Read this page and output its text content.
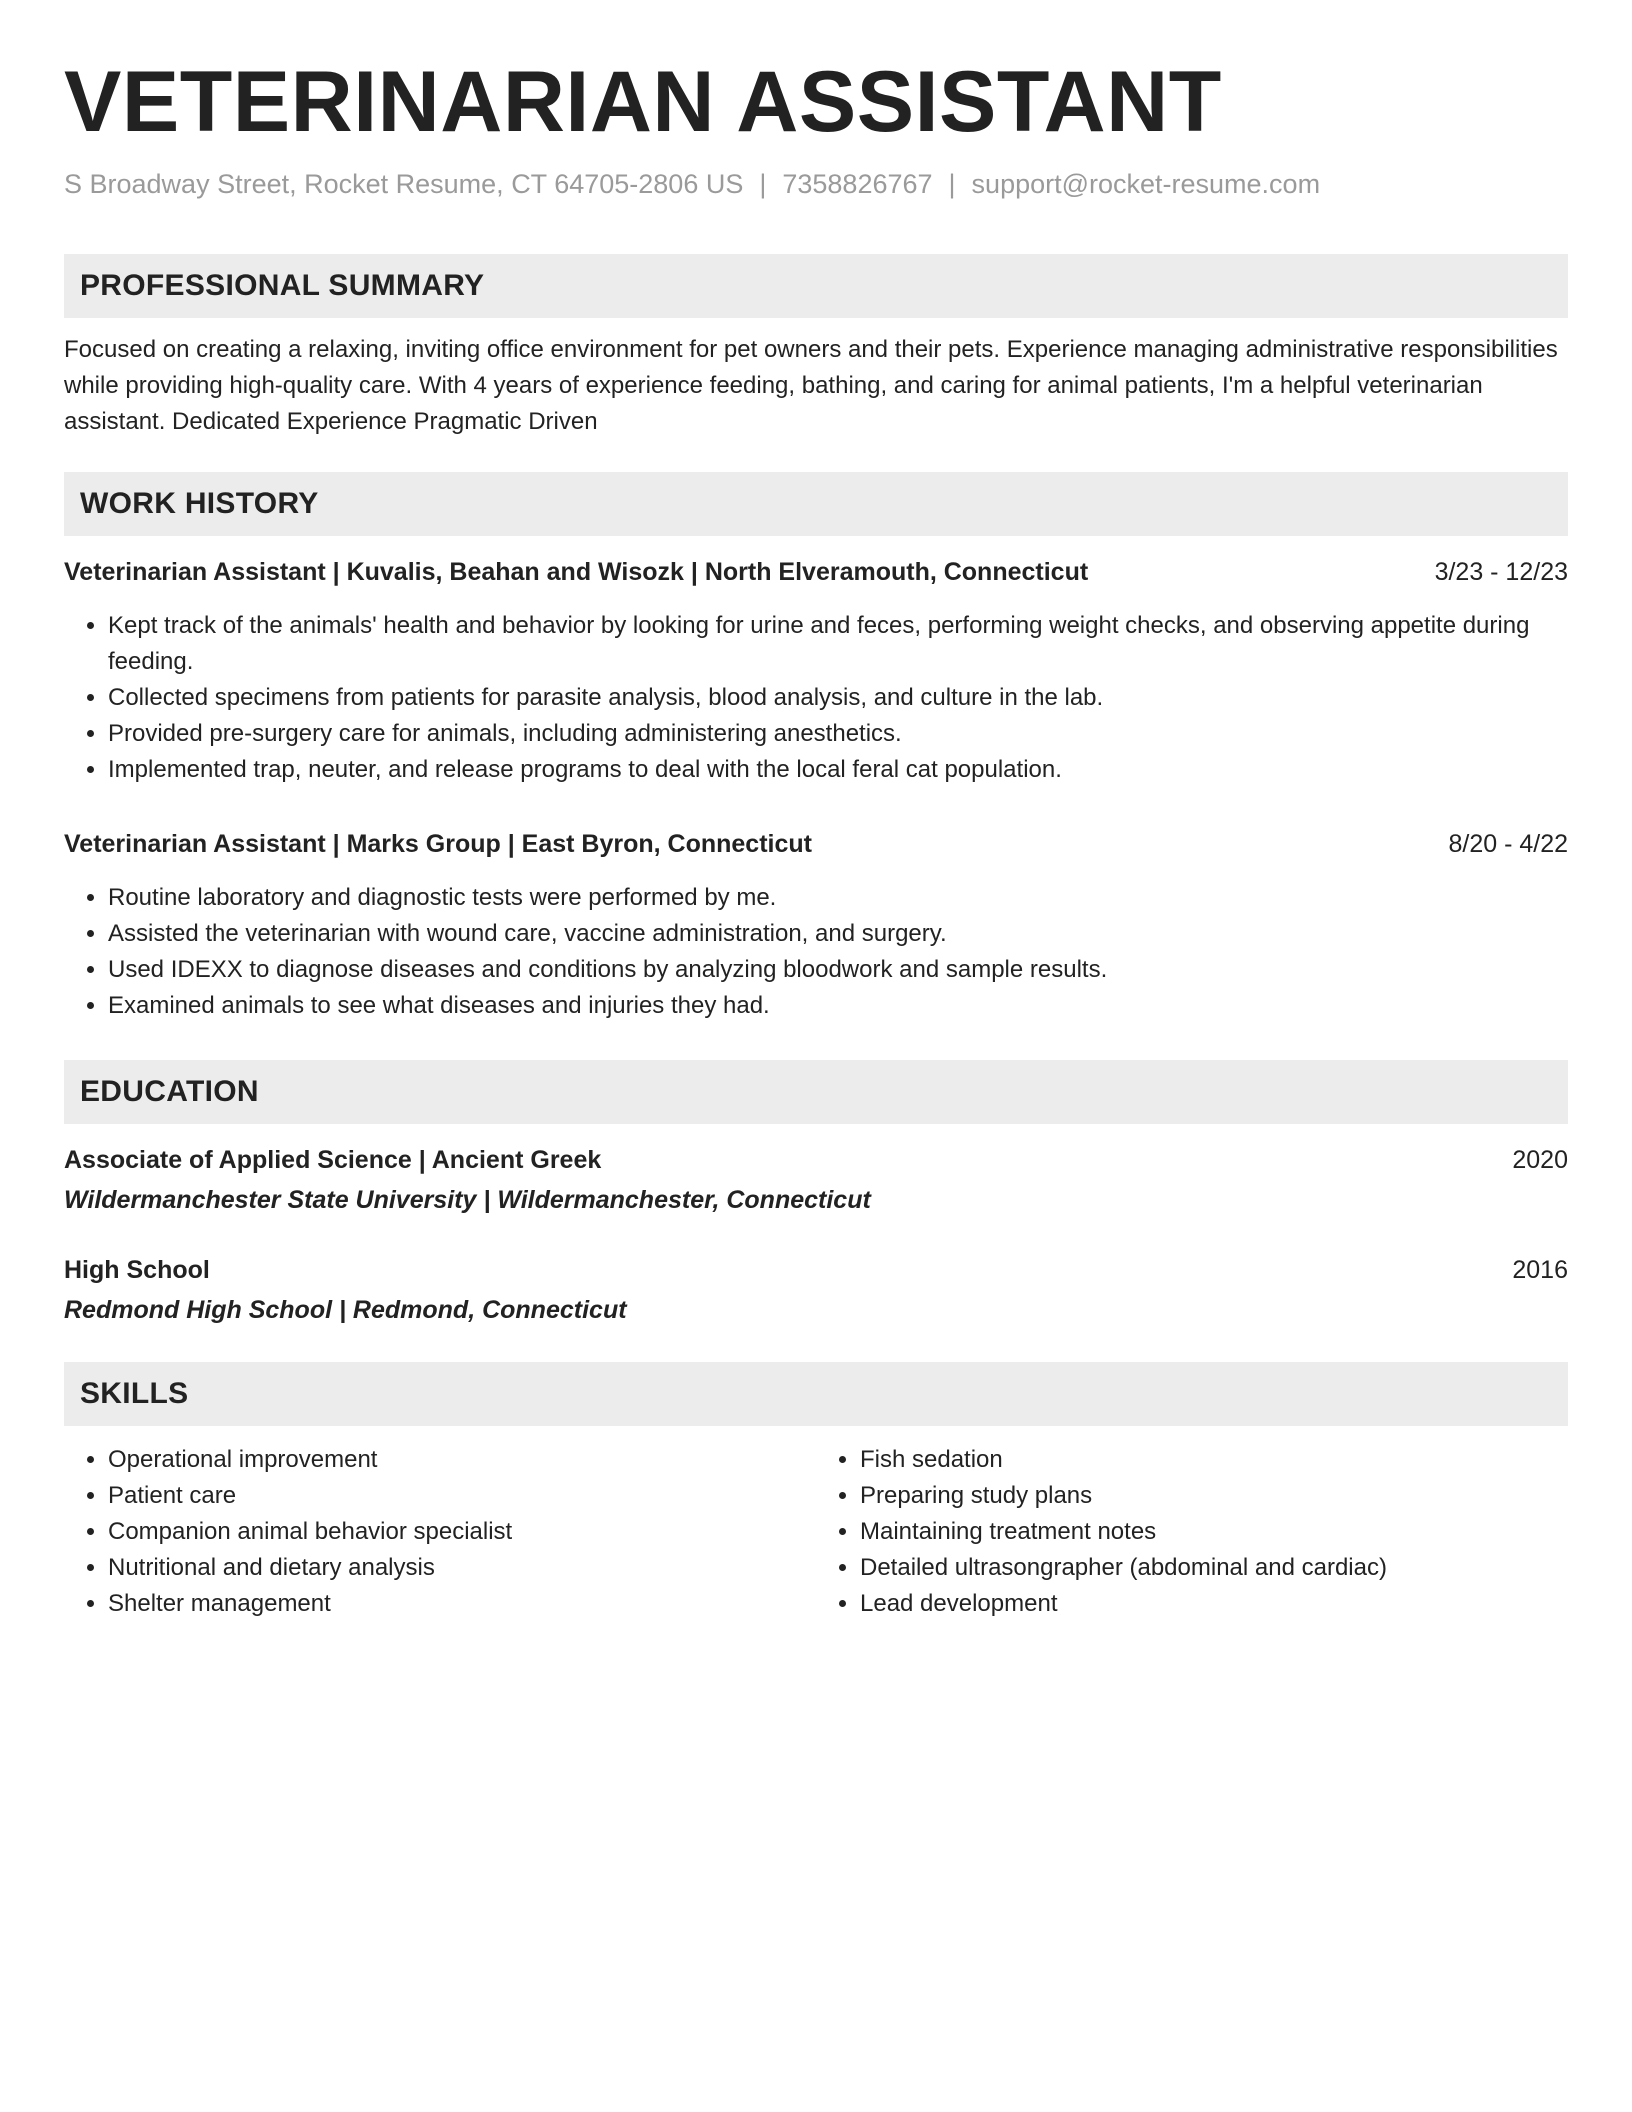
VETERINARIAN ASSISTANT
S Broadway Street, Rocket Resume, CT 64705-2806 US | 7358826767 | support@rocket-resume.com
PROFESSIONAL SUMMARY
Focused on creating a relaxing, inviting office environment for pet owners and their pets. Experience managing administrative responsibilities while providing high-quality care. With 4 years of experience feeding, bathing, and caring for animal patients, I'm a helpful veterinarian assistant. Dedicated Experience Pragmatic Driven
WORK HISTORY
Veterinarian Assistant | Kuvalis, Beahan and Wisozk | North Elveramouth, Connecticut	3/23 - 12/23
• Kept track of the animals' health and behavior by looking for urine and feces, performing weight checks, and observing appetite during feeding.
• Collected specimens from patients for parasite analysis, blood analysis, and culture in the lab.
• Provided pre-surgery care for animals, including administering anesthetics.
• Implemented trap, neuter, and release programs to deal with the local feral cat population.
Veterinarian Assistant | Marks Group | East Byron, Connecticut	8/20 - 4/22
• Routine laboratory and diagnostic tests were performed by me.
• Assisted the veterinarian with wound care, vaccine administration, and surgery.
• Used IDEXX to diagnose diseases and conditions by analyzing bloodwork and sample results.
• Examined animals to see what diseases and injuries they had.
EDUCATION
Associate of Applied Science | Ancient Greek	2020
Wildermanchester State University | Wildermanchester, Connecticut
High School	2016
Redmond High School | Redmond, Connecticut
SKILLS
• Operational improvement
• Patient care
• Companion animal behavior specialist
• Nutritional and dietary analysis
• Shelter management
• Fish sedation
• Preparing study plans
• Maintaining treatment notes
• Detailed ultrasongrapher (abdominal and cardiac)
• Lead development
